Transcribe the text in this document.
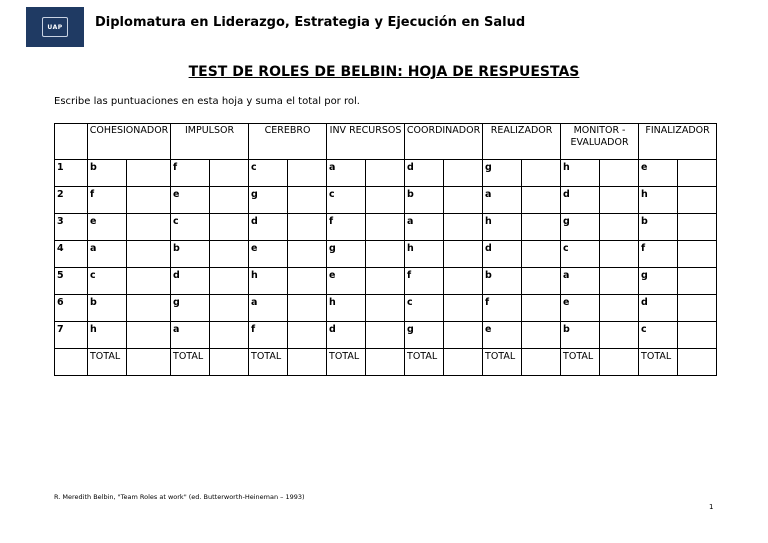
UAP	Diplomatura en Liderazgo, Estrategia y Ejecución en Salud
TEST DE ROLES DE BELBIN: HOJA DE RESPUESTAS
Escribe las puntuaciones en esta hoja y suma el total por rol.
	COHESIONADOR		IMPULSOR		CEREBRO		INV RECURSOS		COORDINADOR		REALIZADOR		MONITOR - EVALUADOR		FINALIZADOR	
1	b		f		c		a		d		g		h		e	
2	f		e		g		c		b		a		d		h	
3	e		c		d		f		a		h		g		b	
4	a		b		e		g		h		d		c		f	
5	c		d		h		e		f		b		a		g	
6	b		g		a		h		c		f		e		d	
7	h		a		f		d		g		e		b		c	
	TOTAL		TOTAL		TOTAL		TOTAL		TOTAL		TOTAL		TOTAL		TOTAL	
R. Meredith Belbin, "Team Roles at work" (ed. Butterworth-Heineman – 1993)
1
